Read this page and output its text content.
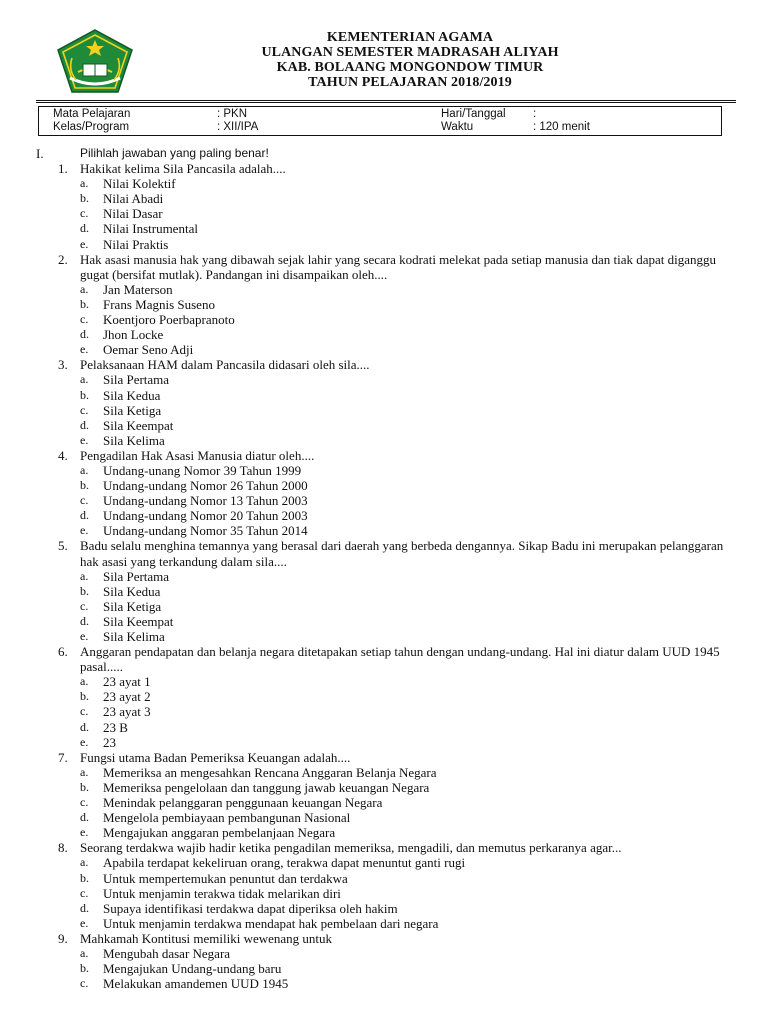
KEMENTERIAN AGAMA
ULANGAN SEMESTER MADRASAH ALIYAH
KAB. BOLAANG MONGONDOW TIMUR
TAHUN PELAJARAN 2018/2019
Mata Pelajaran	: PKN	Hari/Tanggal :
Kelas/Program	: XII/IPA	Waktu	: 120 menit
I.	Pilihlah jawaban yang paling benar!
1. Hakikat kelima Sila Pancasila adalah....
a. Nilai Kolektif
b. Nilai Abadi
c. Nilai Dasar
d. Nilai Instrumental
e. Nilai Praktis
2. Hak asasi manusia hak yang dibawah sejak lahir yang secara kodrati melekat pada setiap manusia dan tiak dapat diganggu gugat (bersifat mutlak). Pandangan ini disampaikan oleh....
a. Jan Materson
b. Frans Magnis Suseno
c. Koentjoro Poerbapranoto
d. Jhon Locke
e. Oemar Seno Adji
3. Pelaksanaan HAM dalam Pancasila didasari oleh sila....
a. Sila Pertama
b. Sila Kedua
c. Sila Ketiga
d. Sila Keempat
e. Sila Kelima
4. Pengadilan Hak Asasi Manusia diatur oleh....
a. Undang-unang Nomor 39 Tahun 1999
b. Undang-undang Nomor 26 Tahun 2000
c. Undang-undang Nomor 13 Tahun 2003
d. Undang-undang Nomor 20 Tahun 2003
e. Undang-undang Nomor 35 Tahun 2014
5. Badu selalu menghina temannya yang berasal dari daerah yang berbeda dengannya. Sikap Badu ini merupakan pelanggaran hak asasi yang terkandung dalam sila....
a. Sila Pertama
b. Sila Kedua
c. Sila Ketiga
d. Sila Keempat
e. Sila Kelima
6. Anggaran pendapatan dan belanja negara ditetapakan setiap tahun dengan undang-undang. Hal ini diatur dalam UUD 1945 pasal.....
a. 23 ayat 1
b. 23 ayat 2
c. 23 ayat 3
d. 23 B
e. 23
7. Fungsi utama Badan Pemeriksa Keuangan adalah....
a. Memeriksa an mengesahkan Rencana Anggaran Belanja Negara
b. Memeriksa pengelolaan dan tanggung jawab keuangan Negara
c. Menindak pelanggaran penggunaan keuangan Negara
d. Mengelola pembiayaan pembangunan Nasional
e. Mengajukan anggaran pembelanjaan Negara
8. Seorang terdakwa wajib hadir ketika pengadilan memeriksa, mengadili, dan memutus perkaranya agar...
a. Apabila terdapat kekeliruan orang, terakwa dapat menuntut ganti rugi
b. Untuk mempertemukan penuntut dan terdakwa
c. Untuk menjamin terakwa tidak melarikan diri
d. Supaya identifikasi terdakwa dapat diperiksa oleh hakim
e. Untuk menjamin terdakwa mendapat hak pembelaan dari negara
9. Mahkamah Kontitusi memiliki wewenang untuk
a. Mengubah dasar Negara
b. Mengajukan Undang-undang baru
c. Melakukan amandemen UUD 1945
